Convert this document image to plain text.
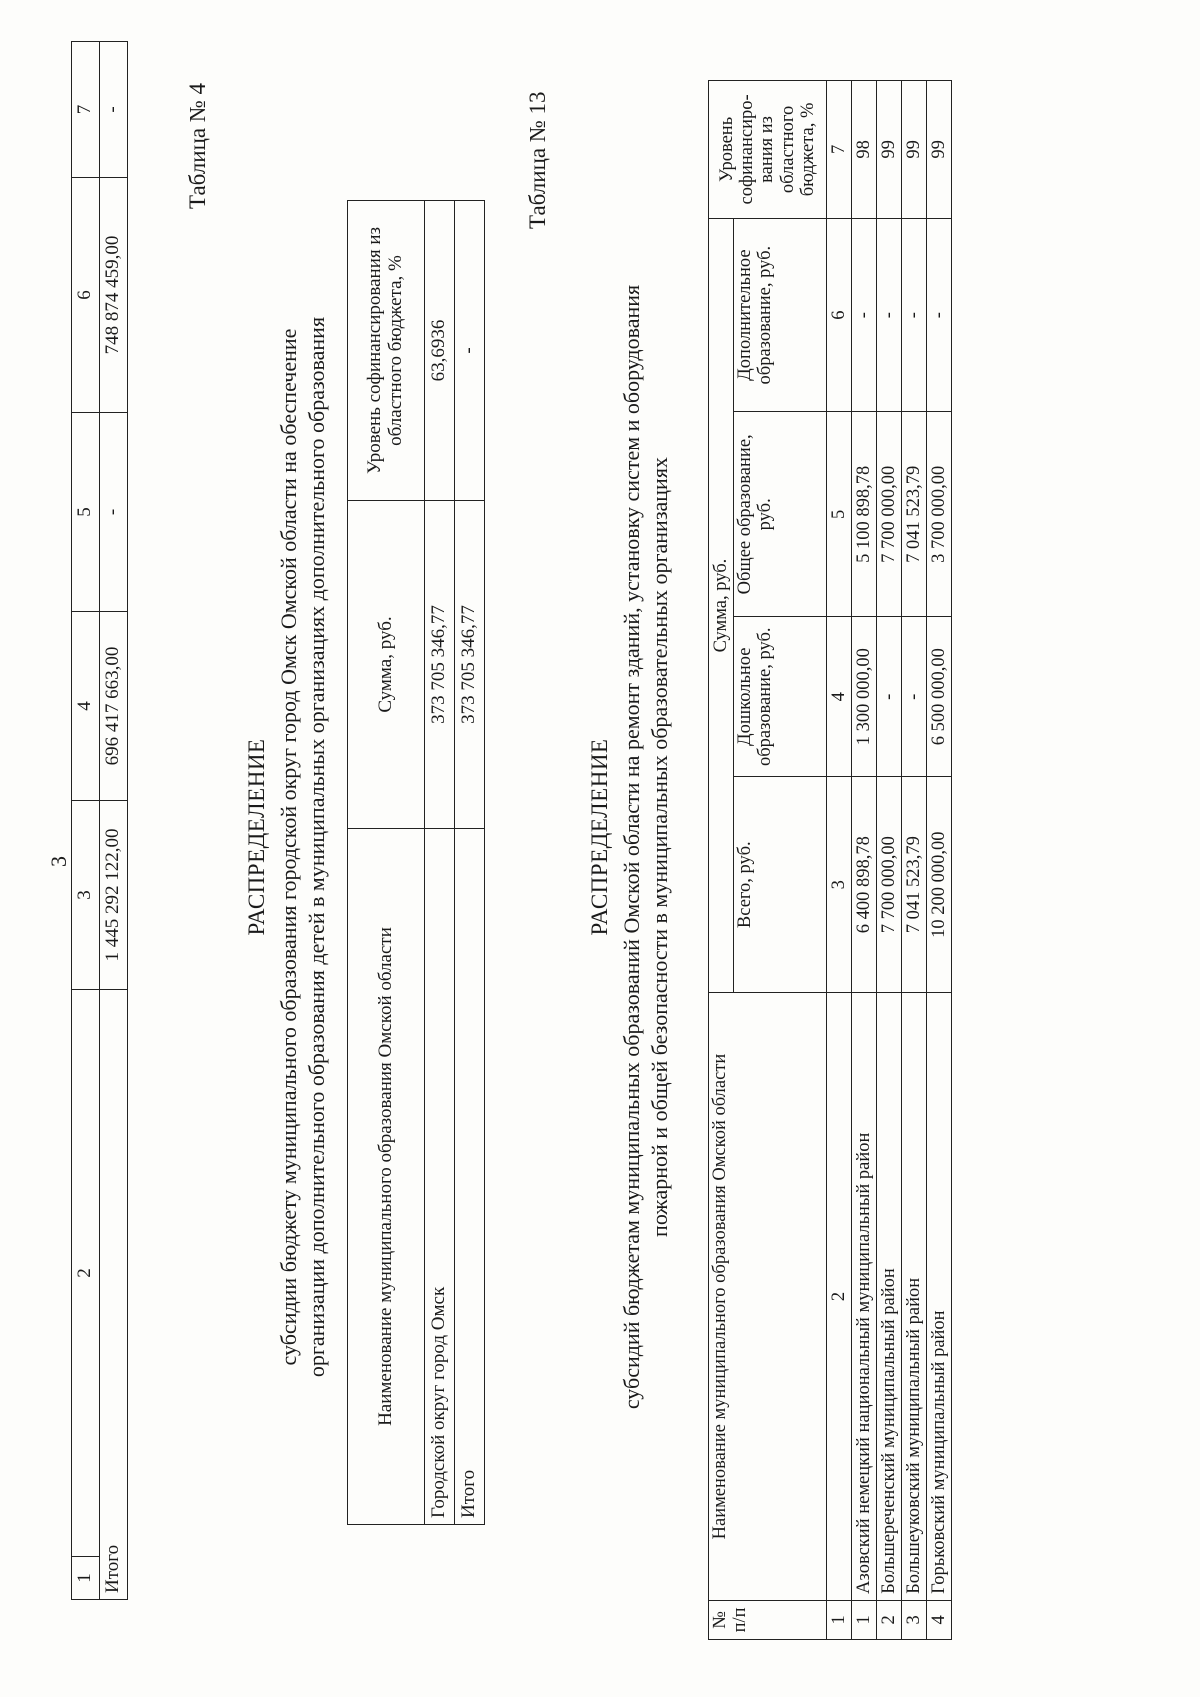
3
1	2	3	4	5	6	7
Итого		1 445 292 122,00	696 417 663,00	-	748 874 459,00	-	Таблица № 4
РАСПРЕДЕЛЕНИЕ субсидии бюджету муниципального образования городской округ город Омск Омской области на обеспечение организации дополнительного образования детей в муниципальных организациях дополнительного образования Наименование муниципального образования Омской области	Сумма, руб.	Уровень софинансирования из областного бюджета, %
Городской округ город Омск	373 705 346,77	63,6936
Итого	373 705 346,77	-
Таблица № 13
РАСПРЕДЕЛЕНИЕ субсидий бюджетам муниципальных образований Омской области на ремонт зданий, установку систем и оборудования пожарной и общей безопасности в муниципальных образовательных организациях
№ п/п	Наименование муниципального образования Омской области	Сумма, руб.				Уровень софинансиро-вания из областного бюджета, %
		Всего, руб.	Дошкольное образование, руб.	Общее образование, руб.	Дополнительное образование, руб.	
1	2	3	4	5	6	7
1	Азовский немецкий национальный муниципальный район	6 400 898,78	1 300 000,00	5 100 898,78	-	98
2	Большереченский муниципальный район	7 700 000,00	-	7 700 000,00	-	99
3	Большеуковский муниципальный район	7 041 523,79	-	7 041 523,79	-	99
4	Горьковский муниципальный район	10 200 000,00	6 500 000,00	3 700 000,00	-	99
